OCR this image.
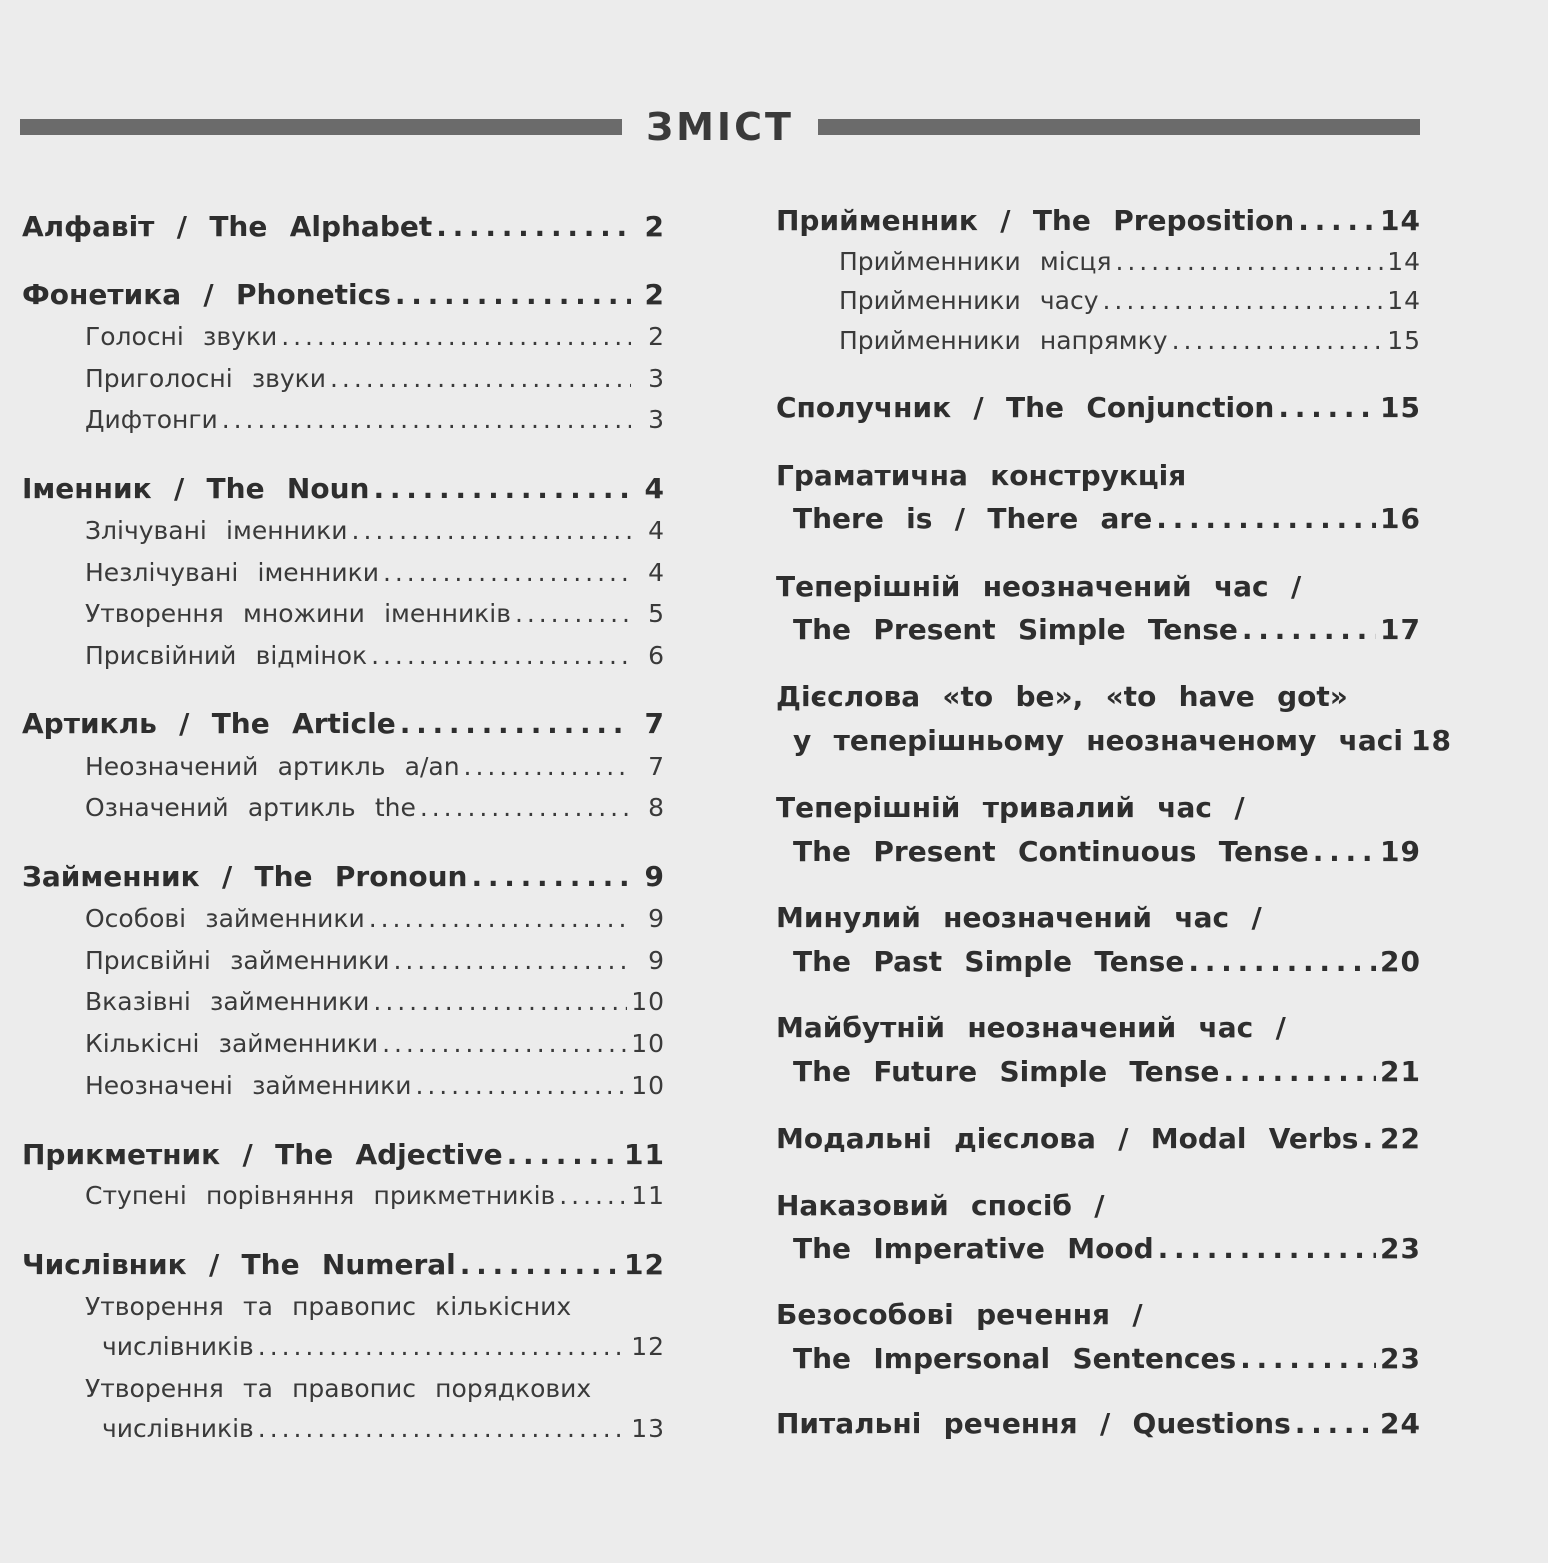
ЗМІСТ
Алфавіт / The Alphabet . . .	2
Фонетика / Phonetics . . .	2
Голосні звуки . . .	2
Приголосні звуки . . .	3
Дифтонги . . .	3
Іменник / The Noun . . .	4
Злічувані іменники . . .	4
Незлічувані іменники . . .	4
Утворення множини іменників . . .	5
Присвійний відмінок . . .	6
Артикль / The Article . . .	7
Неозначений артикль a/an . . .	7
Означений артикль the . . .	8
Займенник / The Pronoun . . .	9
Особові займенники . . .	9
Присвійні займенники . . .	9
Вказівні займенники . . .	10
Кількісні займенники . . .	10
Неозначені займенники . . .	10
Прикметник / The Adjective . . .	11
Ступені порівняння прикметників . . .	11
Числівник / The Numeral . . .	12
Утворення та правопис кількісних
числівників . . .	12
Утворення та правопис порядкових
числівників . . .	13
Прийменник / The Preposition . . .	14
Прийменники місця . . .	14
Прийменники часу . . .	14
Прийменники напрямку . . .	15
Сполучник / The Conjunction . . .	15
Граматична конструкція
There is / There are . . .	16
Теперішній неозначений час /
The Present Simple Tense . . .	17
Дієслова «to be», «to have got»
у теперішньому неозначеному часі 18
Теперішній тривалий час /
The Present Continuous Tense . . .	19
Минулий неозначений час /
The Past Simple Tense . . .	20
Майбутній неозначений час /
The Future Simple Tense . . .	21
Модальні дієслова / Modal Verbs . . . 22
Наказовий спосіб /
The Imperative Mood . . .	23
Безособові речення /
The Impersonal Sentences . . .	23
Питальні речення / Questions . . .	24
